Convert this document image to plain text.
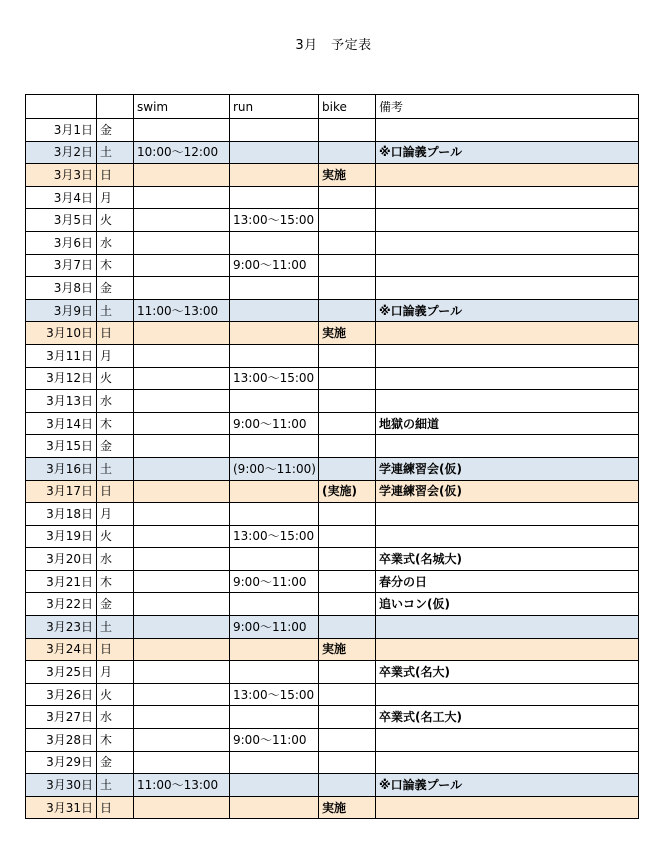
3月　予定表
		swim	run	bike	備考
3月1日	金				
3月2日	土	10:00～12:00			※口論義プール
3月3日	日			実施	
3月4日	月				
3月5日	火		13:00～15:00		
3月6日	水				
3月7日	木		9:00～11:00		
3月8日	金				
3月9日	土	11:00～13:00			※口論義プール
3月10日	日			実施	
3月11日	月				
3月12日	火		13:00～15:00		
3月13日	水				
3月14日	木		9:00～11:00		地獄の細道
3月15日	金				
3月16日	土		(9:00～11:00)		学連練習会(仮)
3月17日	日			(実施)	学連練習会(仮)
3月18日	月				
3月19日	火		13:00～15:00		
3月20日	水				卒業式(名城大)
3月21日	木		9:00～11:00		春分の日
3月22日	金				追いコン(仮)
3月23日	土		9:00～11:00		
3月24日	日			実施	
3月25日	月				卒業式(名大)
3月26日	火		13:00～15:00		
3月27日	水				卒業式(名工大)
3月28日	木		9:00～11:00		
3月29日	金				
3月30日	土	11:00～13:00			※口論義プール
3月31日	日			実施	
